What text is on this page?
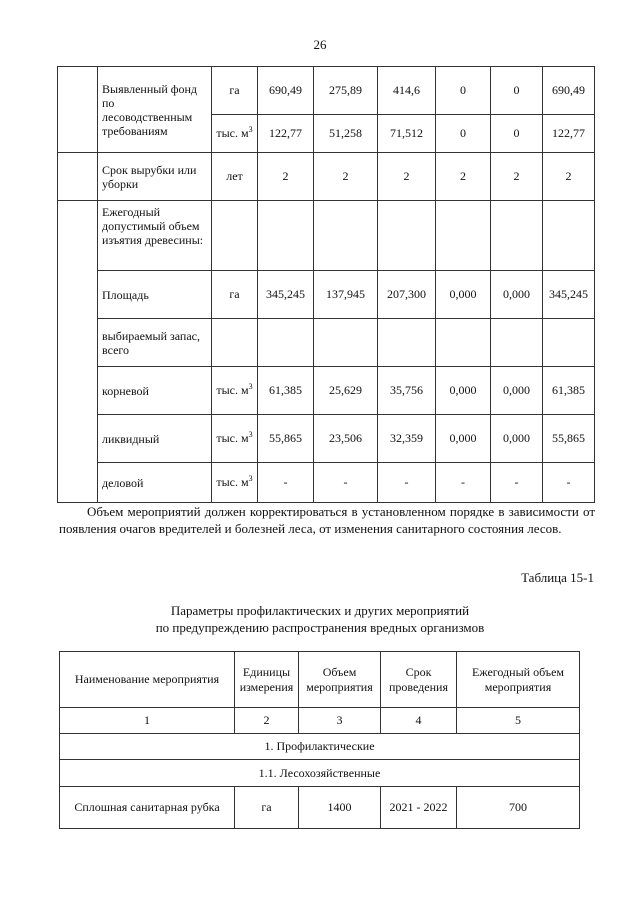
26
	Выявленный фонд по лесоводственным требованиям	га	690,49	275,89	414,6	0	0	690,49
		тыс. $м^3$	122,77	51,258	71,512	0	0	122,77
	Срок вырубки или уборки	лет	2	2	2	2	2	2
	Ежегодный допустимый объем изъятия древесины:							
	Площадь	га	345,245	137,945	207,300	0,000	0,000	345,245
	выбираемый запас, всего							
	корневой	тыс. $м^3$	61,385	25,629	35,756	0,000	0,000	61,385
	ликвидный	тыс. $м^3$	55,865	23,506	32,359	0,000	0,000	55,865
	деловой	тыс. $м^3$	-	-	-	-	-	-
Объем мероприятий должен корректироваться в установленном порядке в зависимости от появления очагов вредителей и болезней леса, от изменения санитарного состояния лесов.
Таблица 15-1
Параметры профилактических и других мероприятий
по предупреждению распространения вредных организмов
Наименование мероприятия	Единицы измерения	Объем мероприятия	Срок проведения	Ежегодный объем мероприятия
1	2	3	4	5
1. Профилактические				
1.1. Лесохозяйственные				
Сплошная санитарная рубка	га	1400	2021 - 2022	700
